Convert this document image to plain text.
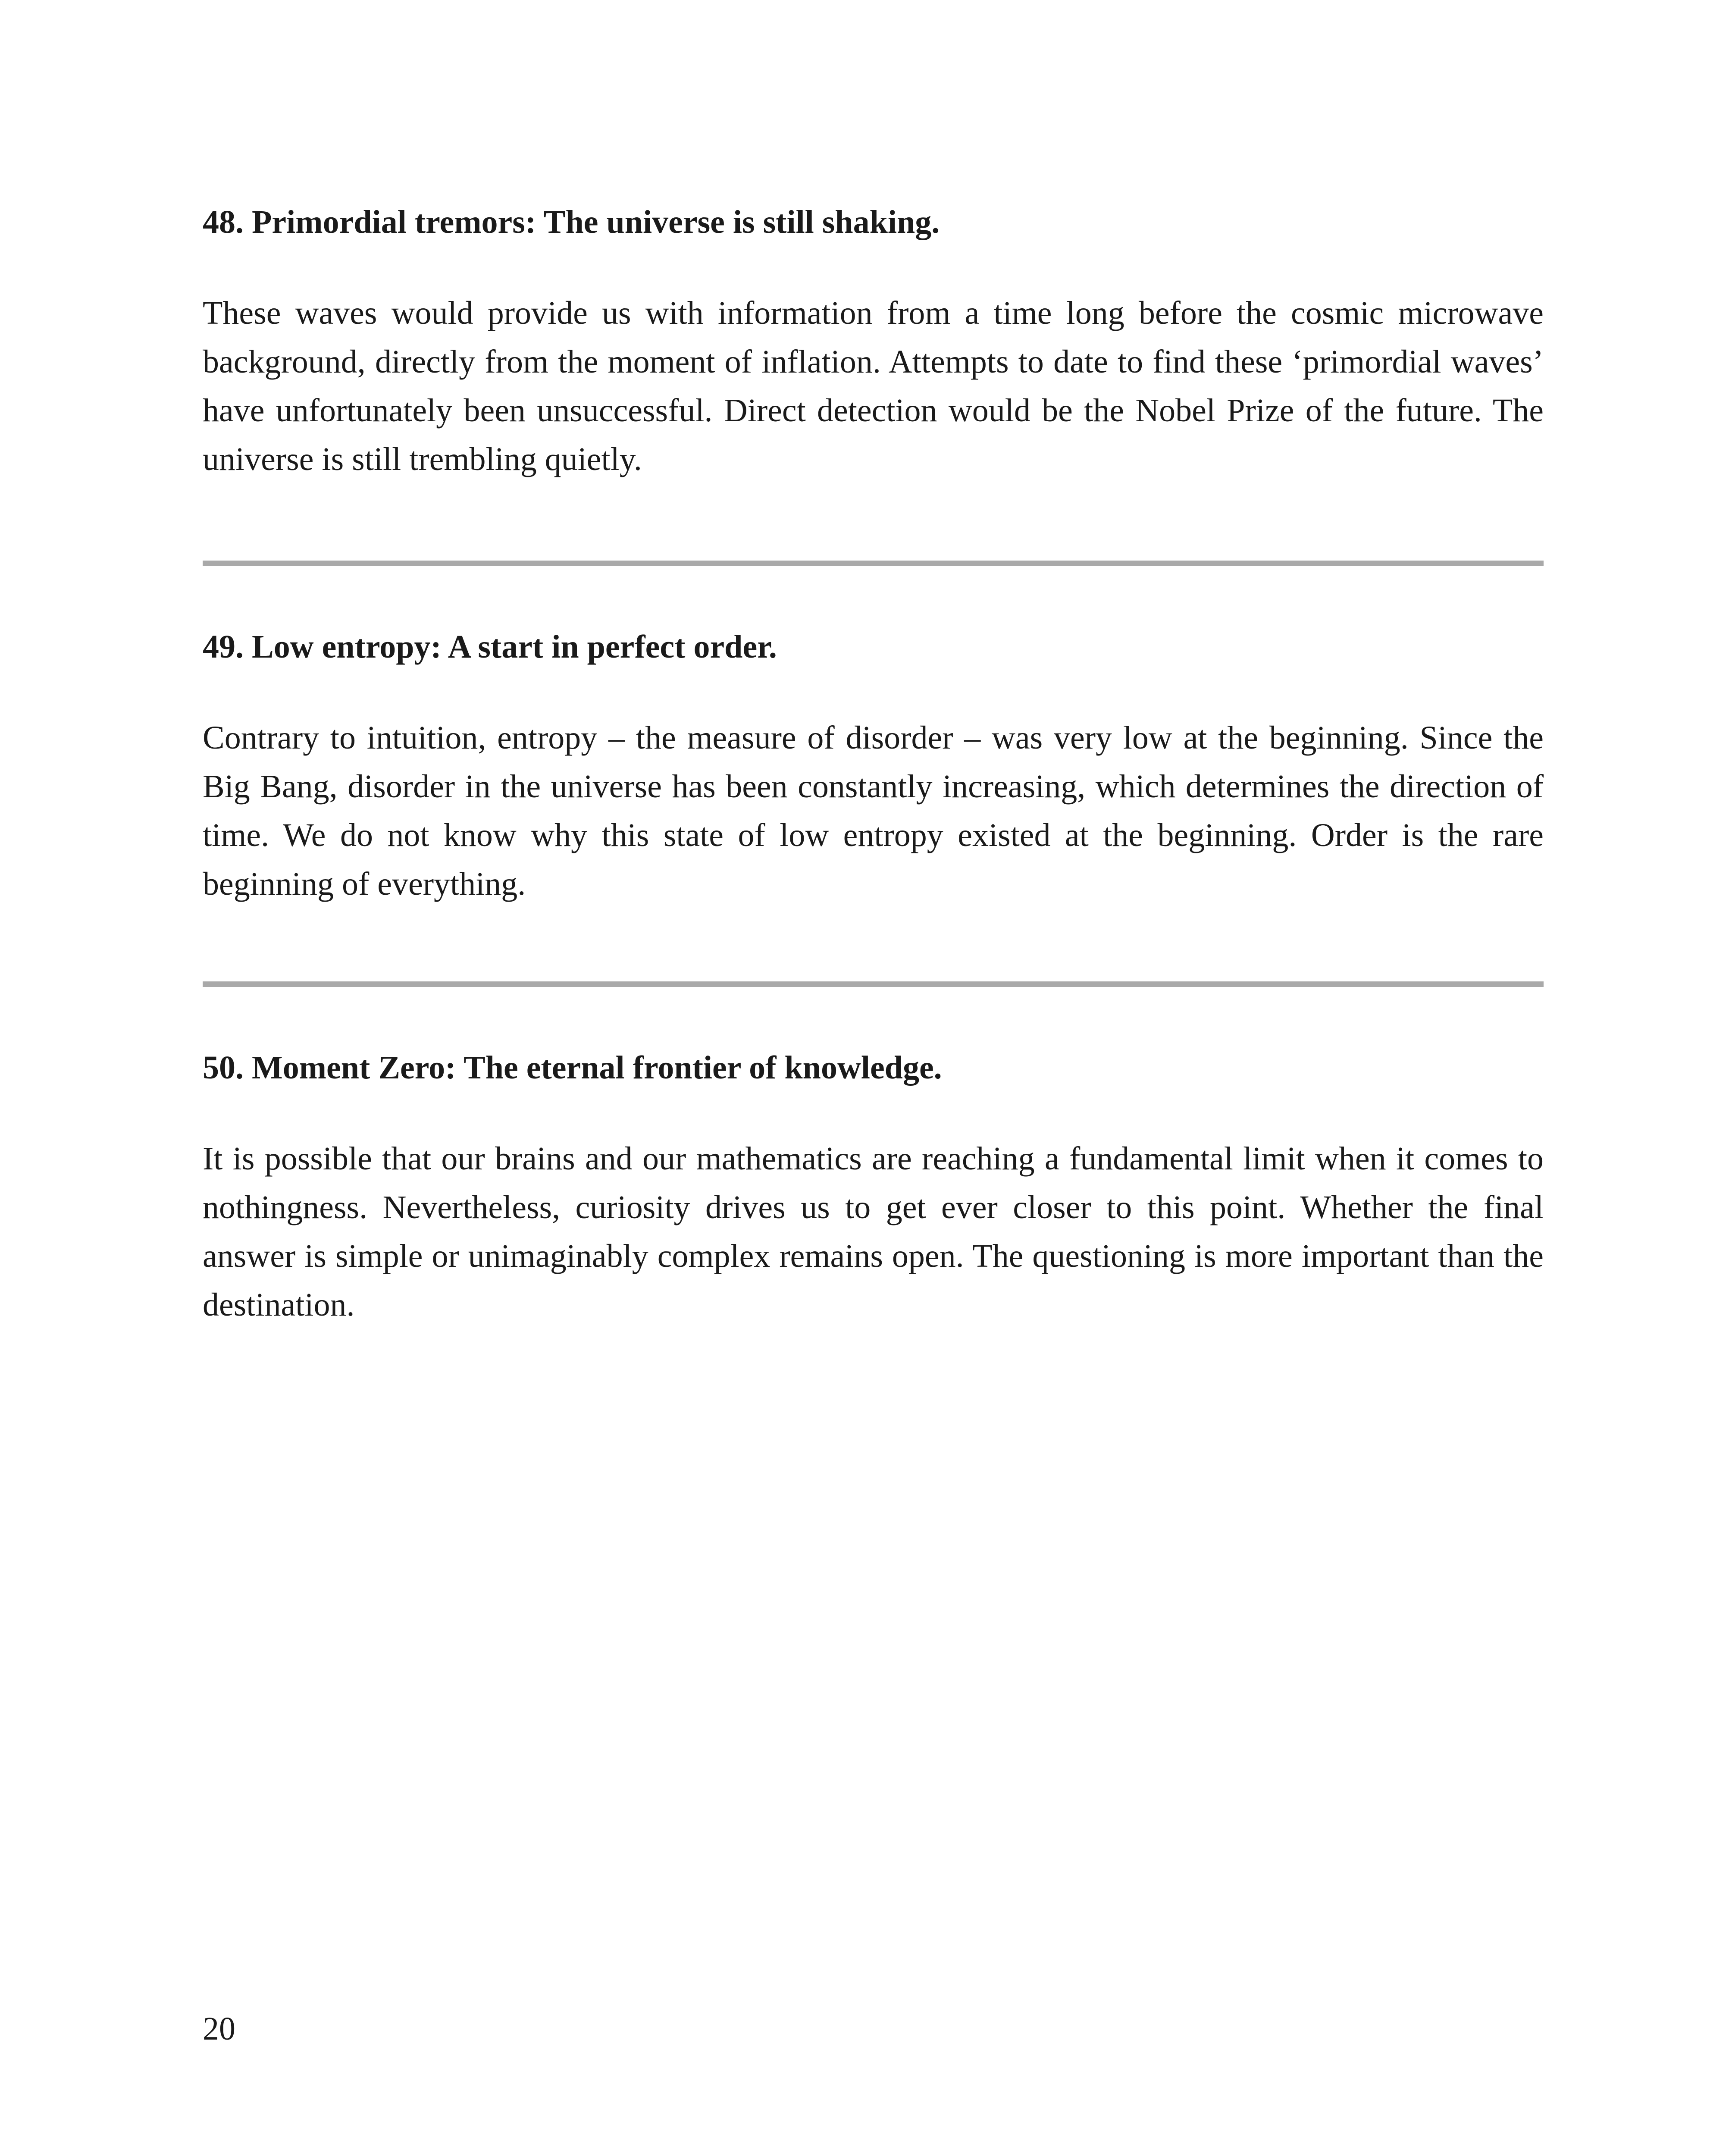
48. Primordial tremors: The universe is still shaking.

These waves would provide us with information from a time long before the cosmic microwave background, directly from the moment of inflation. Attempts to date to find these ‘primordial waves’ have unfortunately been unsuccessful. Direct detection would be the Nobel Prize of the future. The universe is still trembling quietly.

49. Low entropy: A start in perfect order.

Contrary to intuition, entropy – the measure of disorder – was very low at the beginning. Since the Big Bang, disorder in the universe has been constantly increasing, which determines the direction of time. We do not know why this state of low entropy existed at the beginning. Order is the rare beginning of everything.

50. Moment Zero: The eternal frontier of knowledge.

It is possible that our brains and our mathematics are reaching a fundamental limit when it comes to nothingness. Nevertheless, curiosity drives us to get ever closer to this point. Whether the final answer is simple or unimaginably complex remains open. The questioning is more important than the destination.

20
